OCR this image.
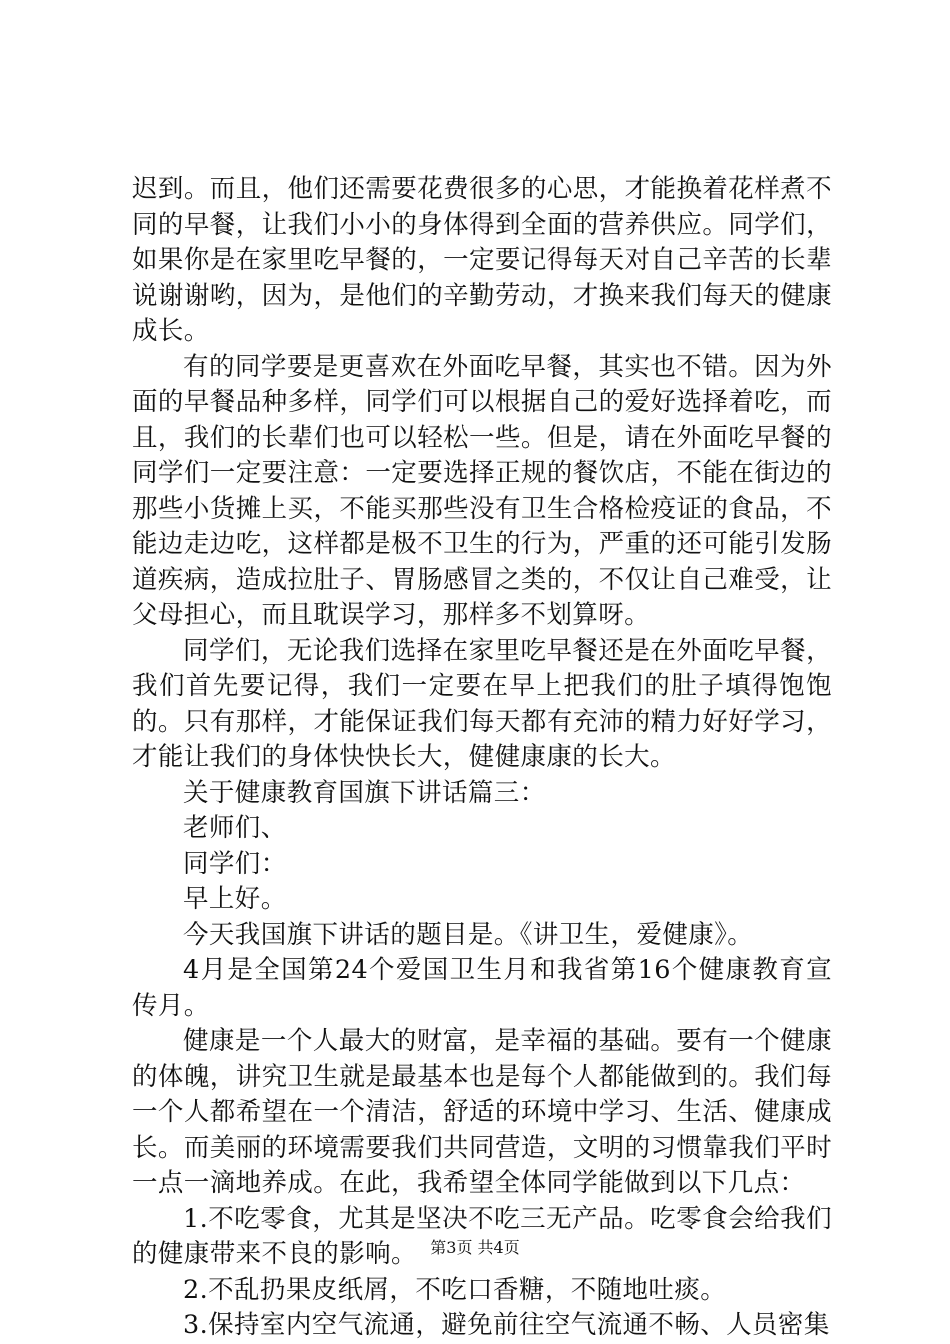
迟到。而且，他们还需要花费很多的心思，才能换着花样煮不同的早餐，让我们小小的身体得到全面的营养供应。同学们，如果你是在家里吃早餐的，一定要记得每天对自己辛苦的长辈说谢谢哟，因为，是他们的辛勤劳动，才换来我们每天的健康成长。

有的同学要是更喜欢在外面吃早餐，其实也不错。因为外面的早餐品种多样，同学们可以根据自己的爱好选择着吃，而且，我们的长辈们也可以轻松一些。但是，请在外面吃早餐的同学们一定要注意：一定要选择正规的餐饮店，不能在街边的那些小货摊上买，不能买那些没有卫生合格检疫证的食品，不能边走边吃，这样都是极不卫生的行为，严重的还可能引发肠道疾病，造成拉肚子、胃肠感冒之类的，不仅让自己难受，让父母担心，而且耽误学习，那样多不划算呀。

同学们，无论我们选择在家里吃早餐还是在外面吃早餐，我们首先要记得，我们一定要在早上把我们的肚子填得饱饱的。只有那样，才能保证我们每天都有充沛的精力好好学习，才能让我们的身体快快长大，健健康康的长大。

关于健康教育国旗下讲话篇三：

老师们、

同学们：

早上好。

今天我国旗下讲话的题目是。《讲卫生，爱健康》。

4月是全国第24个爱国卫生月和我省第16个健康教育宣传月。

健康是一个人最大的财富，是幸福的基础。要有一个健康的体魄，讲究卫生就是最基本也是每个人都能做到的。我们每一个人都希望在一个清洁，舒适的环境中学习、生活、健康成长。而美丽的环境需要我们共同营造，文明的习惯靠我们平时一点一滴地养成。在此，我希望全体同学能做到以下几点：

1.不吃零食，尤其是坚决不吃三无产品。吃零食会给我们的健康带来不良的影响。

2.不乱扔果皮纸屑，不吃口香糖，不随地吐痰。

3.保持室内空气流通，避免前往空气流通不畅、人员密集

第3页 共4页
